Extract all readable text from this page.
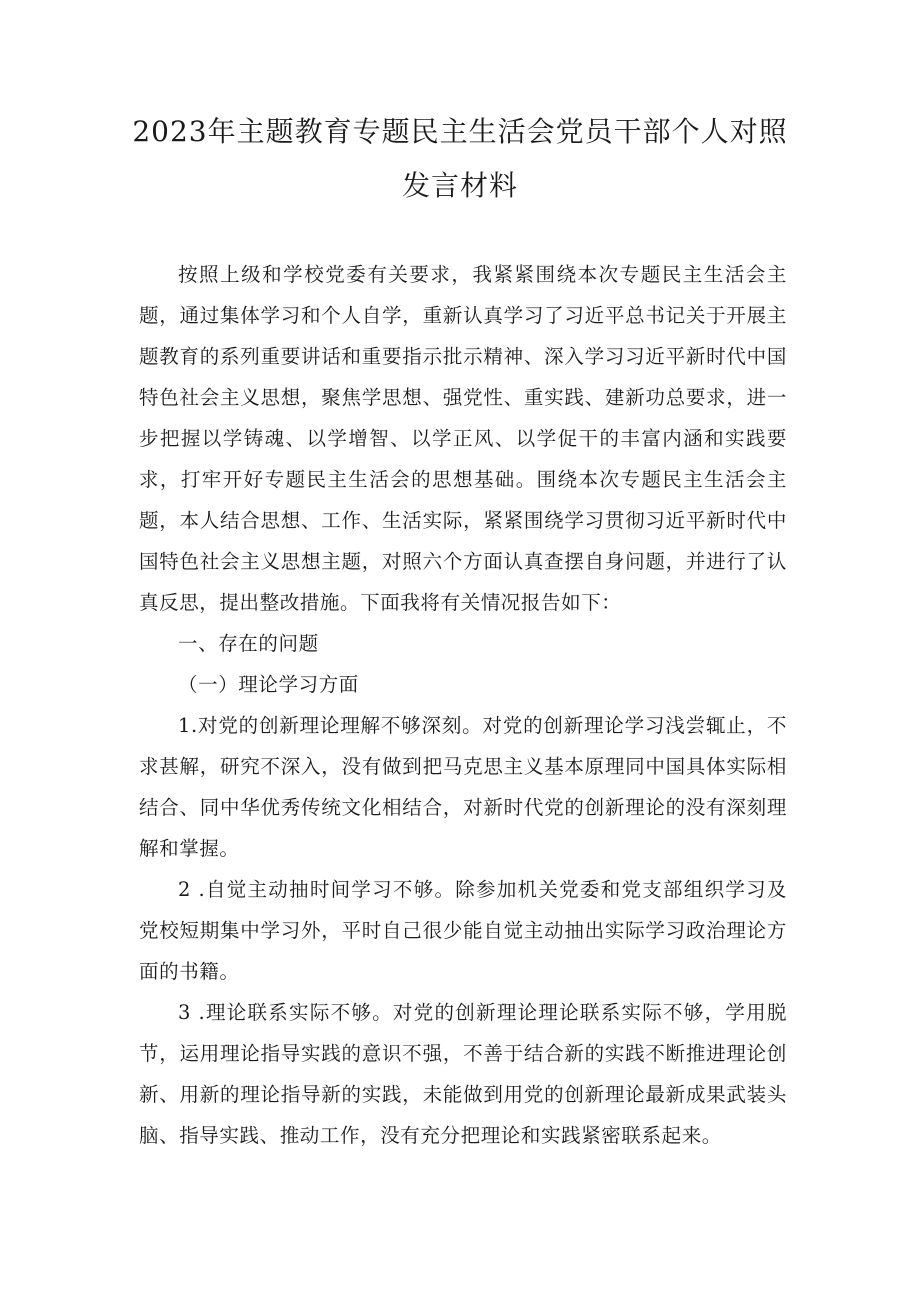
2023年主题教育专题民主生活会党员干部个人对照
发言材料

按照上级和学校党委有关要求，我紧紧围绕本次专题民主生活会主题，通过集体学习和个人自学，重新认真学习了习近平总书记关于开展主题教育的系列重要讲话和重要指示批示精神、深入学习习近平新时代中国特色社会主义思想，聚焦学思想、强党性、重实践、建新功总要求，进一步把握以学铸魂、以学增智、以学正风、以学促干的丰富内涵和实践要求，打牢开好专题民主生活会的思想基础。围绕本次专题民主生活会主题，本人结合思想、工作、生活实际，紧紧围绕学习贯彻习近平新时代中国特色社会主义思想主题，对照六个方面认真查摆自身问题，并进行了认真反思，提出整改措施。下面我将有关情况报告如下：

一、存在的问题

（一）理论学习方面

1.对党的创新理论理解不够深刻。对党的创新理论学习浅尝辄止，不求甚解，研究不深入，没有做到把马克思主义基本原理同中国具体实际相结合、同中华优秀传统文化相结合，对新时代党的创新理论的没有深刻理解和掌握。

2 .自觉主动抽时间学习不够。除参加机关党委和党支部组织学习及党校短期集中学习外，平时自己很少能自觉主动抽出实际学习政治理论方面的书籍。

3 .理论联系实际不够。对党的创新理论理论联系实际不够，学用脱节，运用理论指导实践的意识不强，不善于结合新的实践不断推进理论创新、用新的理论指导新的实践，未能做到用党的创新理论最新成果武装头脑、指导实践、推动工作，没有充分把理论和实践紧密联系起来。
